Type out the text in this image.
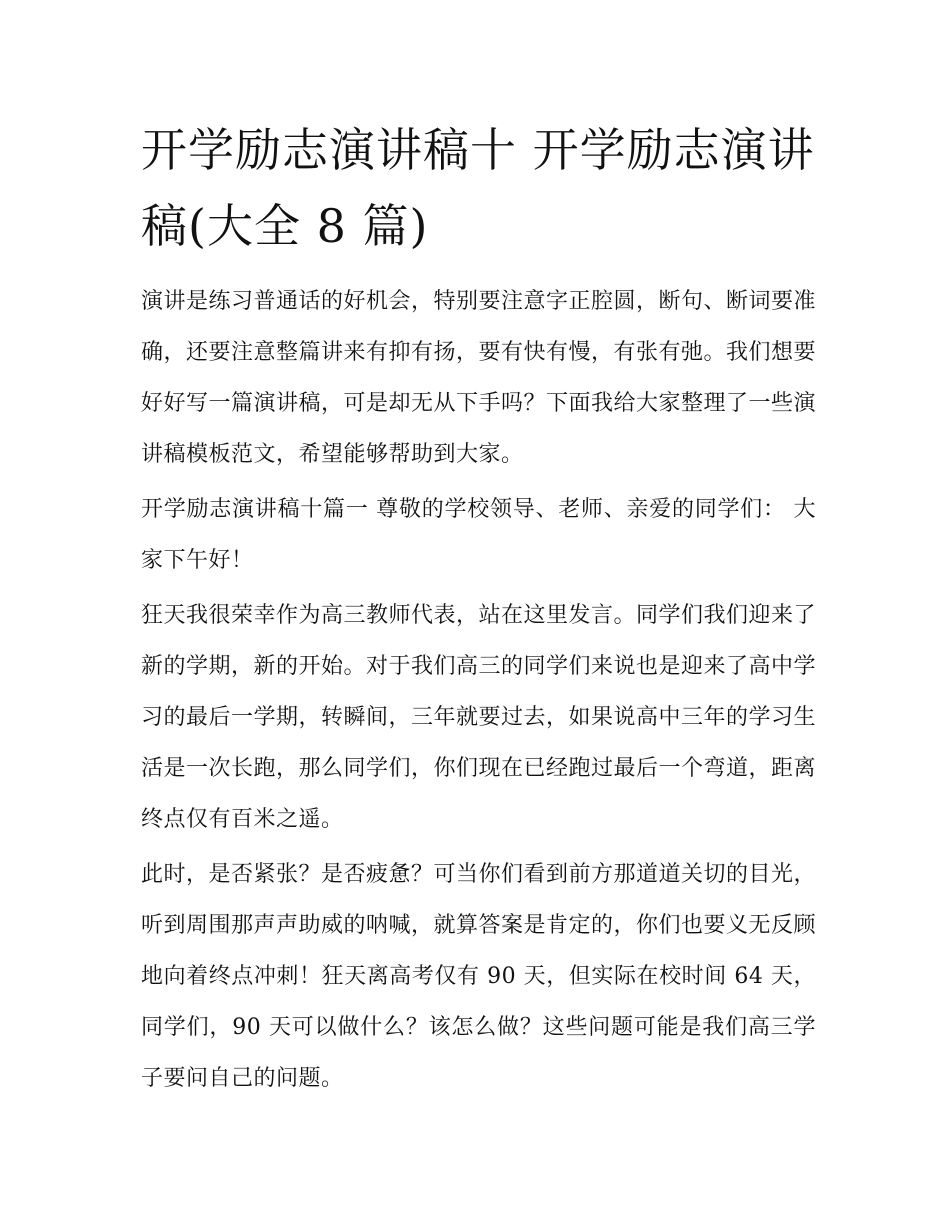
开学励志演讲稿十 开学励志演讲稿(大全 8 篇)

演讲是练习普通话的好机会，特别要注意字正腔圆，断句、断词要准确，还要注意整篇讲来有抑有扬，要有快有慢，有张有弛。我们想要好好写一篇演讲稿，可是却无从下手吗？下面我给大家整理了一些演讲稿模板范文，希望能够帮助到大家。

开学励志演讲稿十篇一 尊敬的学校领导、老师、亲爱的同学们： 大家下午好！

狂天我很荣幸作为高三教师代表，站在这里发言。同学们我们迎来了新的学期，新的开始。对于我们高三的同学们来说也是迎来了高中学习的最后一学期，转瞬间，三年就要过去，如果说高中三年的学习生活是一次长跑，那么同学们，你们现在已经跑过最后一个弯道，距离终点仅有百米之遥。

此时，是否紧张？是否疲惫？可当你们看到前方那道道关切的目光，听到周围那声声助威的呐喊，就算答案是肯定的，你们也要义无反顾地向着终点冲刺！狂天离高考仅有 90 天，但实际在校时间 64 天，同学们，90 天可以做什么？该怎么做？这些问题可能是我们高三学子要问自己的问题。
